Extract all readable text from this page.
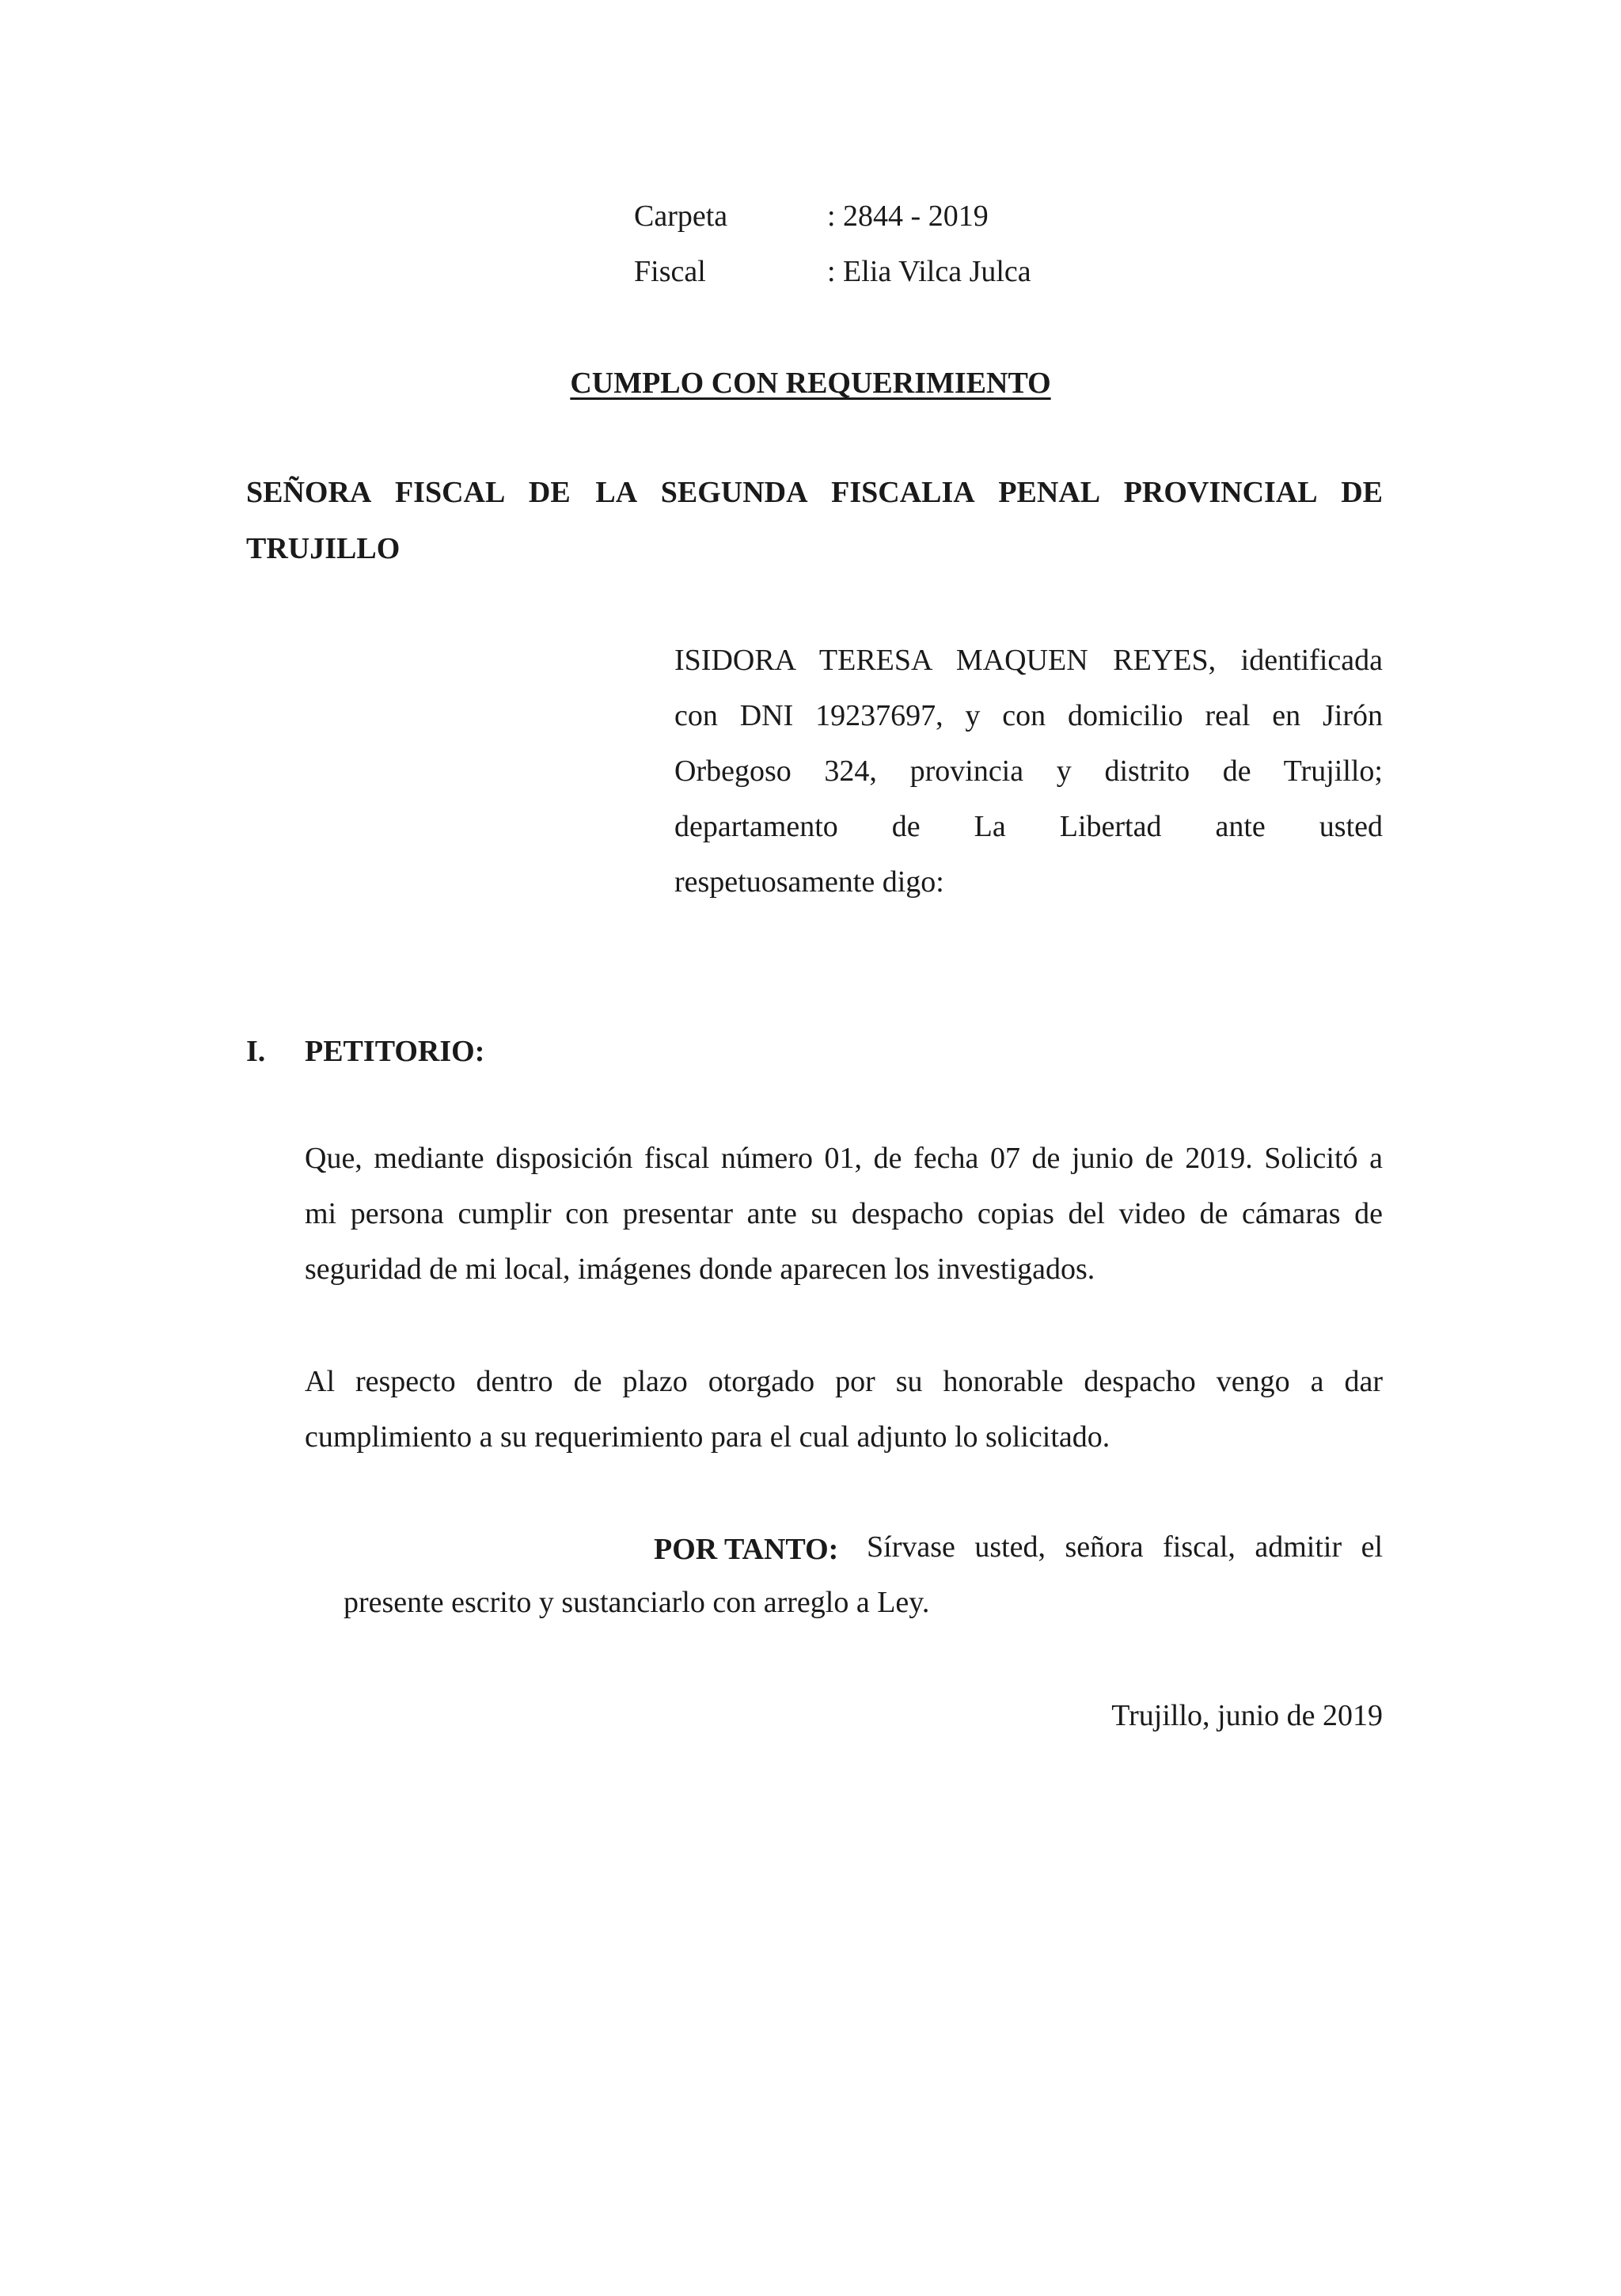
Carpeta	: 2844 - 2019
Fiscal	: Elia Vilca Julca
CUMPLO CON REQUERIMIENTO
SEÑORA FISCAL DE LA SEGUNDA FISCALIA PENAL PROVINCIAL DE
TRUJILLO
ISIDORA TERESA MAQUEN REYES, identificada
con DNI 19237697, y con domicilio real en Jirón
Orbegoso 324, provincia y distrito de Trujillo;
departamento de La Libertad ante usted
respetuosamente digo:
I. PETITORIO:
Que, mediante disposición fiscal número 01, de fecha 07 de junio de 2019. Solicitó a
mi persona cumplir con presentar ante su despacho copias del video de cámaras de
seguridad de mi local, imágenes donde aparecen los investigados.
Al respecto dentro de plazo otorgado por su honorable despacho vengo a dar
cumplimiento a su requerimiento para el cual adjunto lo solicitado.
POR TANTO: Sírvase usted, señora fiscal, admitir el
presente escrito y sustanciarlo con arreglo a Ley.
Trujillo, junio de 2019
